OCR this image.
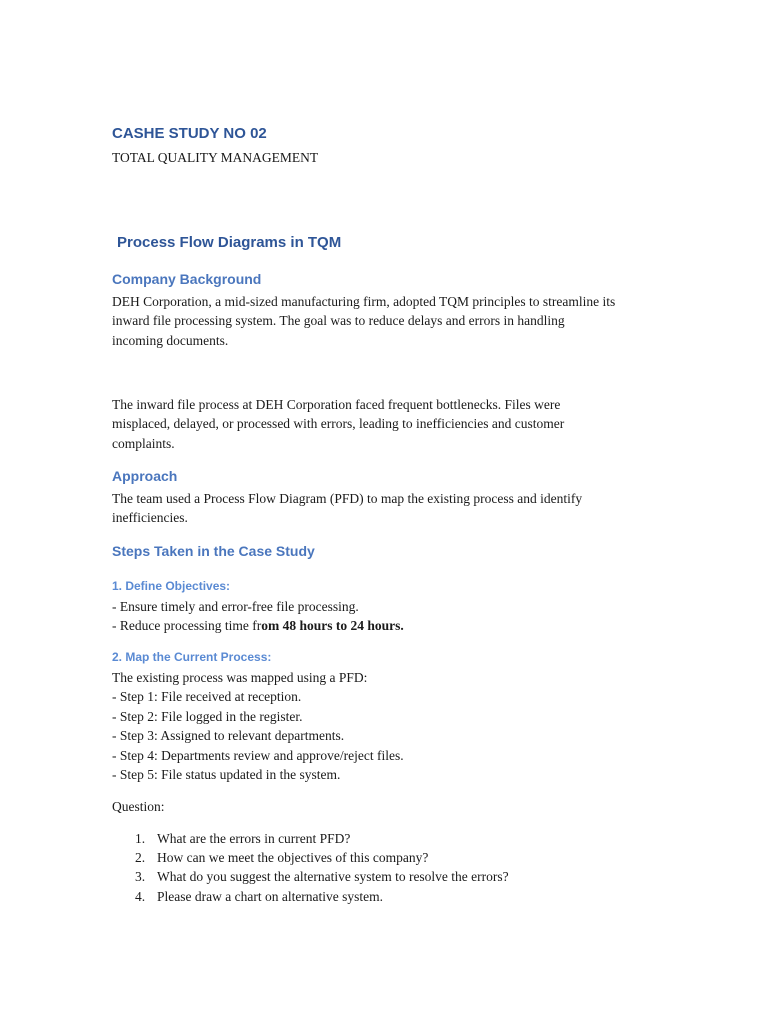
CASHE STUDY NO 02

TOTAL QUALITY MANAGEMENT

Process Flow Diagrams in TQM

Company Background

DEH Corporation, a mid-sized manufacturing firm, adopted TQM principles to streamline its
inward file processing system. The goal was to reduce delays and errors in handling
incoming documents.
The inward file process at DEH Corporation faced frequent bottlenecks. Files were
misplaced, delayed, or processed with errors, leading to inefficiencies and customer
complaints.

Approach

The team used a Process Flow Diagram (PFD) to map the existing process and identify
inefficiencies.

Steps Taken in the Case Study

1. Define Objectives:

- Ensure timely and error-free file processing.
- Reduce processing time from 48 hours to 24 hours.

2. Map the Current Process:

The existing process was mapped using a PFD:
- Step 1: File received at reception.
- Step 2: File logged in the register.
- Step 3: Assigned to relevant departments.
- Step 4: Departments review and approve/reject files.
- Step 5: File status updated in the system.

Question:

1. What are the errors in current PFD?
2. How can we meet the objectives of this company?
3. What do you suggest the alternative system to resolve the errors?
4. Please draw a chart on alternative system.
